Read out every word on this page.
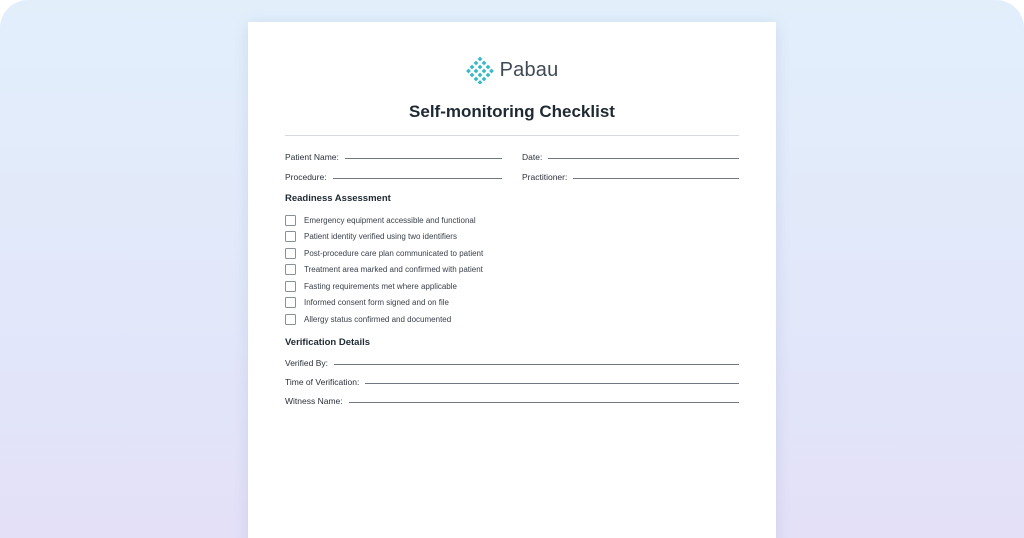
Pabau
Self-monitoring Checklist
Patient Name:	Date:
Procedure:	Practitioner:
Readiness Assessment
Emergency equipment accessible and functional
Patient identity verified using two identifiers
Post-procedure care plan communicated to patient
Treatment area marked and confirmed with patient
Fasting requirements met where applicable
Informed consent form signed and on file
Allergy status confirmed and documented
Verification Details
Verified By:
Time of Verification:
Witness Name:
